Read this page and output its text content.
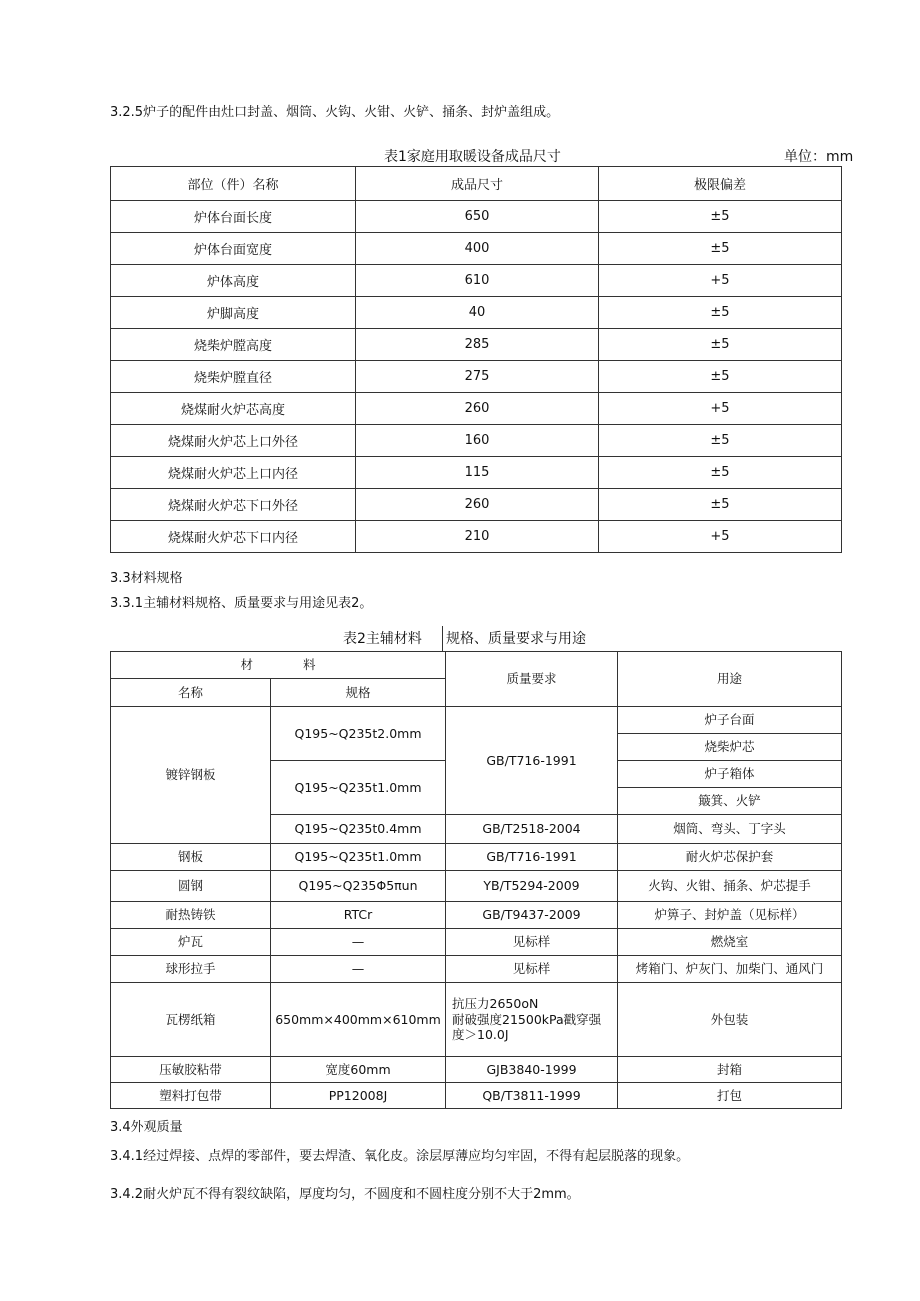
3.2.5炉子的配件由灶口封盖、烟筒、火钩、火钳、火铲、捅条、封炉盖组成。
表1家庭用取暖设备成品尺寸	单位：mm
部位（件）名称	成品尺寸	极限偏差
炉体台面长度	650	±5
炉体台面宽度	400	±5
炉体高度	610	+5
炉脚高度	40	±5
烧柴炉膛高度	285	±5
烧柴炉膛直径	275	±5
烧煤耐火炉芯高度	260	+5
烧煤耐火炉芯上口外径	160	±5
烧煤耐火炉芯上口内径	115	±5
烧煤耐火炉芯下口外径	260	±5
烧煤耐火炉芯下口内径	210	+5
3.3材料规格
3.3.1主辅材料规格、质量要求与用途见表2。
表2主辅材料 规格、质量要求与用途
材　　　　料		质量要求	用途
名称	规格		
镀锌钢板	Q195~Q235t2.0mm	GB/T716-1991	炉子台面
			烧柴炉芯
	Q195~Q235t1.0mm		炉子箱体
			簸箕、火铲
	Q195~Q235t0.4mm	GB/T2518-2004	烟筒、弯头、丁字头
钢板	Q195~Q235t1.0mm	GB/T716-1991	耐火炉芯保护套
圆钢	Q195~Q235Φ5πun	YB/T5294-2009	火钩、火钳、捅条、炉芯提手
耐热铸铁	RTCr	GB/T9437-2009	炉箅子、封炉盖（见标样）
炉瓦	—	见标样	燃烧室
球形拉手	—	见标样	烤箱门、炉灰门、加柴门、通风门
瓦楞纸箱	650mm×400mm×610mm	抗压力2650oN
耐破强度21500kPa戳穿强
度＞10.0J	外包装
压敏胶粘带	宽度60mm	GJB3840-1999	封箱
塑料打包带	PP12008J	QB/T3811-1999	打包
3.4外观质量
3.4.1经过焊接、点焊的零部件，要去焊渣、氧化皮。涂层厚薄应均匀牢固，不得有起层脱落的现象。
3.4.2耐火炉瓦不得有裂纹缺陷，厚度均匀，不圆度和不圆柱度分别不大于2mm。
